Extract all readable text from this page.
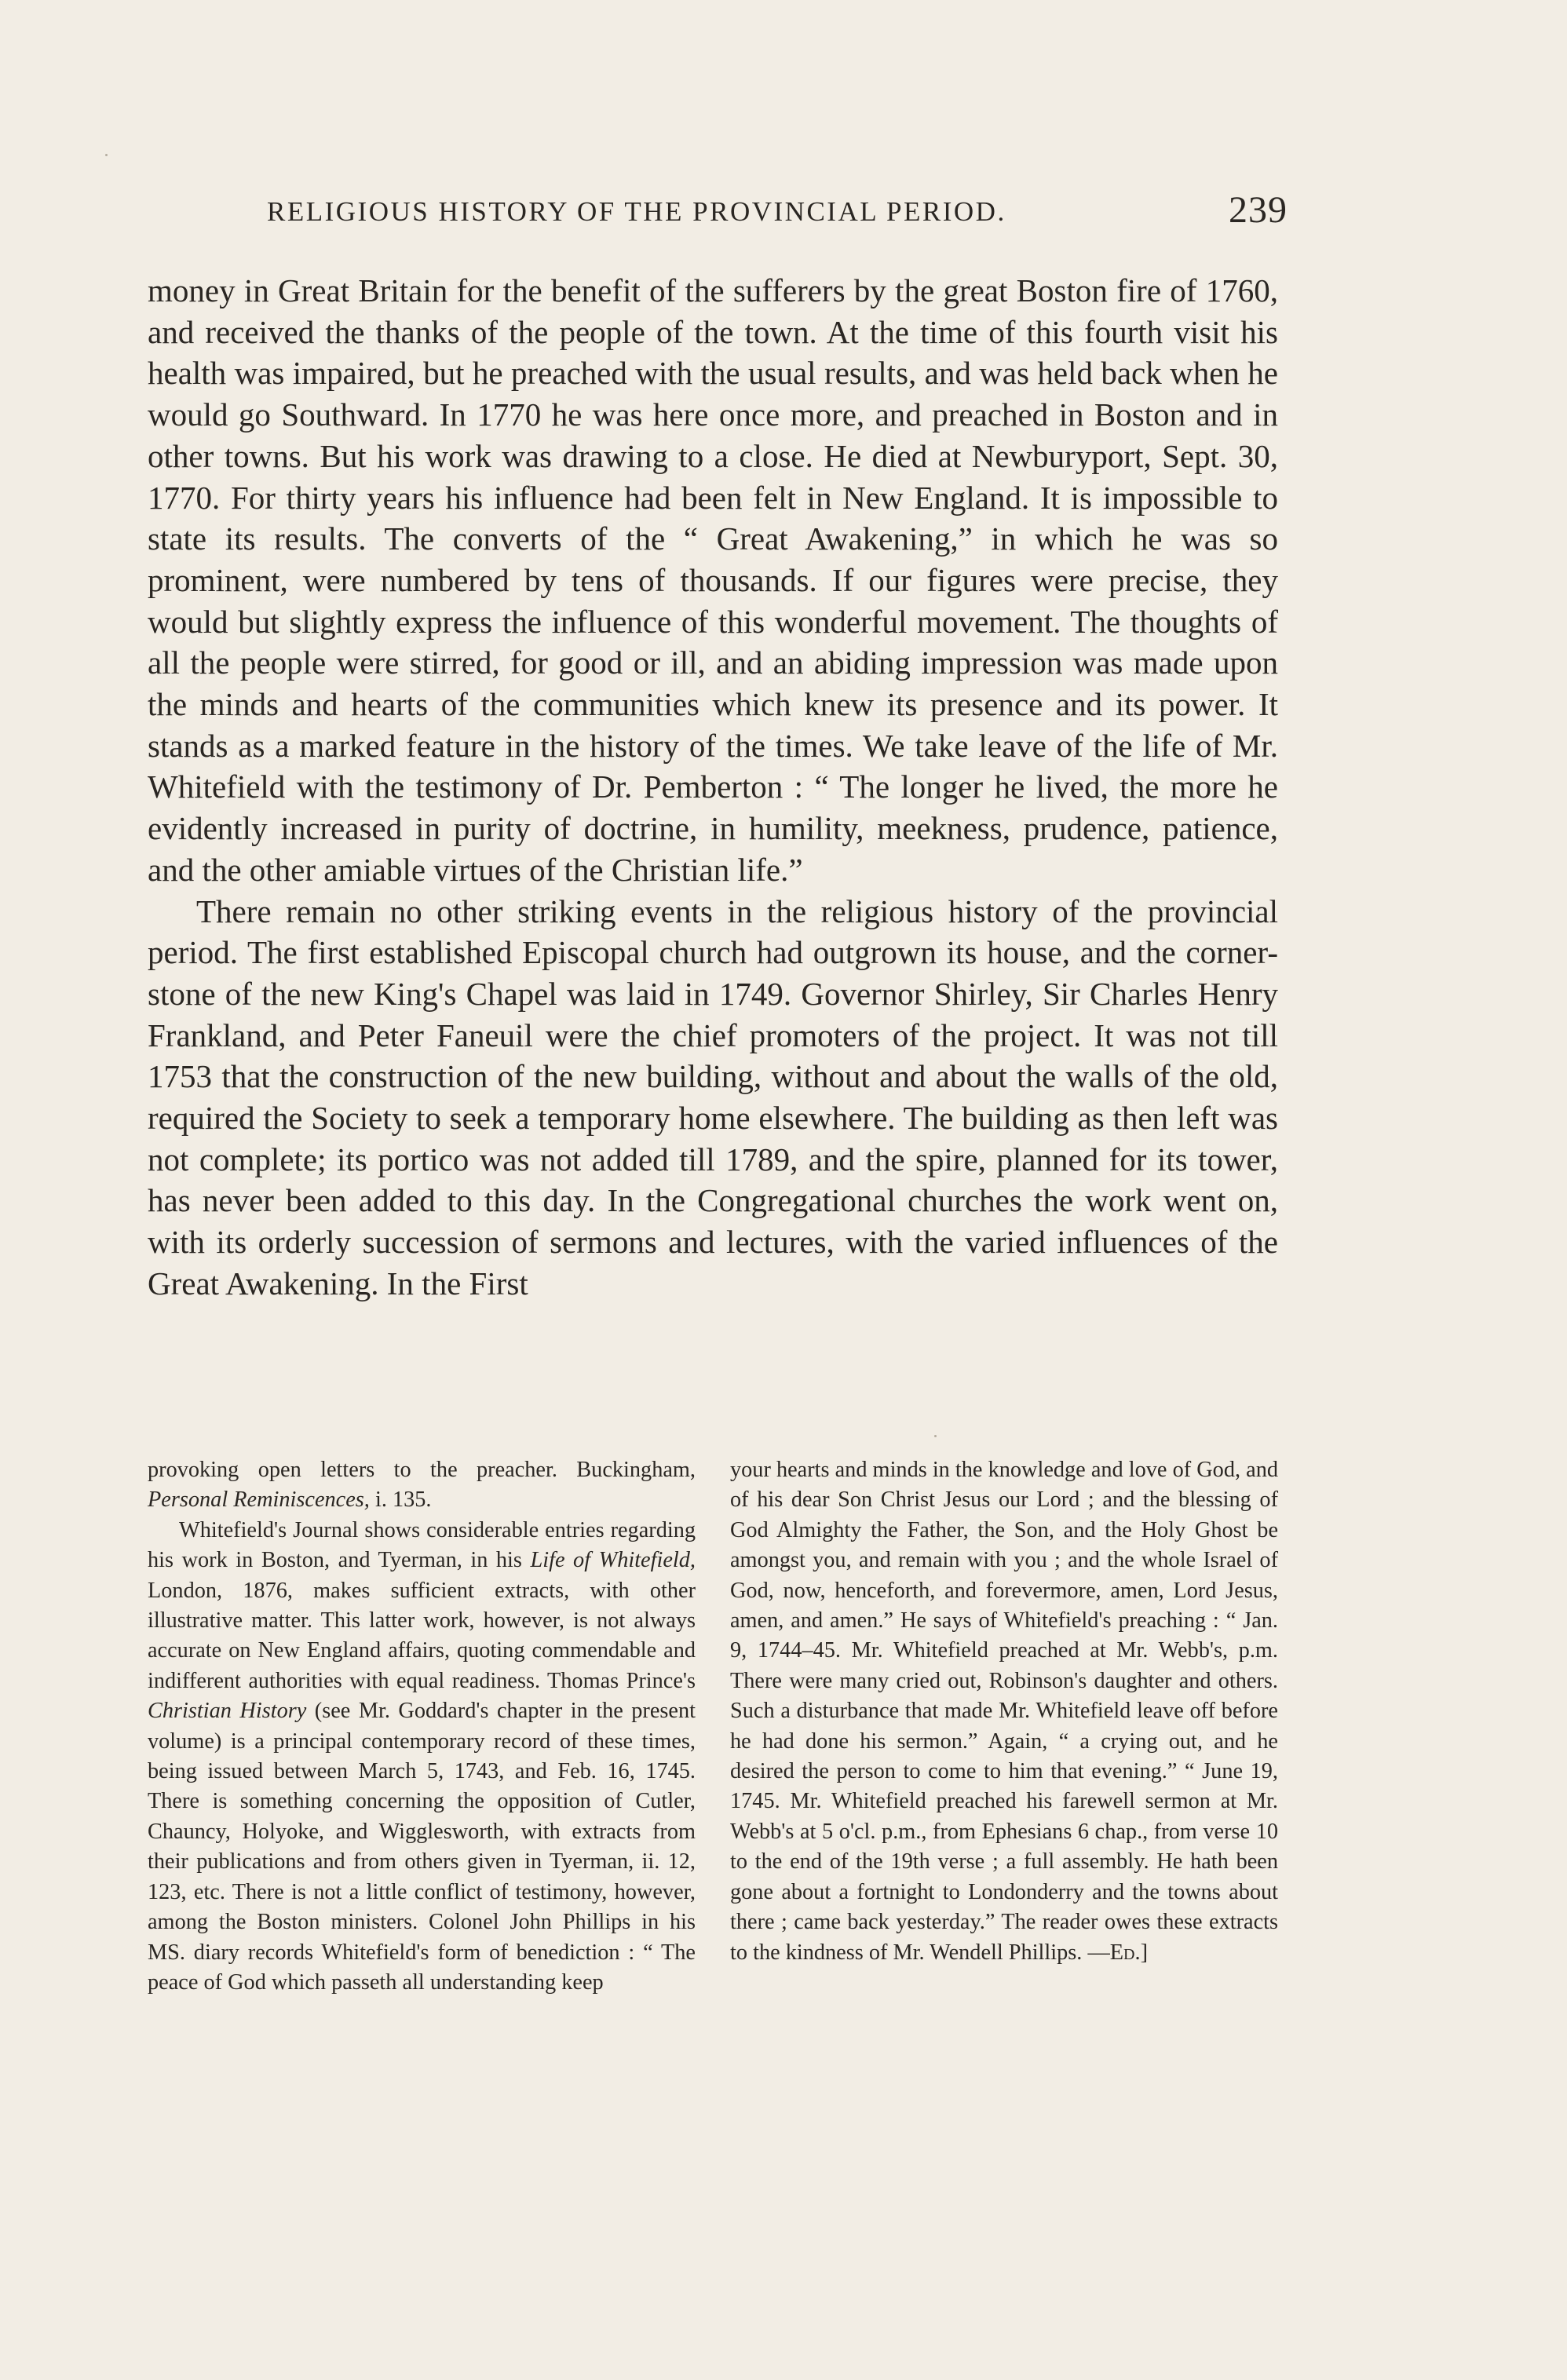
RELIGIOUS HISTORY OF THE PROVINCIAL PERIOD.	239

money in Great Britain for the benefit of the sufferers by the great Boston fire of 1760, and received the thanks of the people of the town. At the time of this fourth visit his health was impaired, but he preached with the usual results, and was held back when he would go Southward. In 1770 he was here once more, and preached in Boston and in other towns. But his work was drawing to a close. He died at Newburyport, Sept. 30, 1770. For thirty years his influence had been felt in New England. It is impossible to state its results. The converts of the “ Great Awakening,” in which he was so prominent, were numbered by tens of thousands. If our figures were precise, they would but slightly express the influence of this wonderful movement. The thoughts of all the people were stirred, for good or ill, and an abiding impression was made upon the minds and hearts of the communities which knew its presence and its power. It stands as a marked feature in the history of the times. We take leave of the life of Mr. Whitefield with the testimony of Dr. Pemberton : “ The longer he lived, the more he evidently increased in purity of doctrine, in humility, meekness, prudence, patience, and the other amiable virtues of the Christian life.”

There remain no other striking events in the religious history of the provincial period. The first established Episcopal church had outgrown its house, and the corner-stone of the new King's Chapel was laid in 1749. Governor Shirley, Sir Charles Henry Frankland, and Peter Faneuil were the chief promoters of the project. It was not till 1753 that the construction of the new building, without and about the walls of the old, required the Society to seek a temporary home elsewhere. The building as then left was not complete; its portico was not added till 1789, and the spire, planned for its tower, has never been added to this day. In the Congregational churches the work went on, with its orderly succession of sermons and lectures, with the varied influences of the Great Awakening. In the First

provoking open letters to the preacher. Buckingham, Personal Reminiscences, i. 135.

Whitefield's Journal shows considerable entries regarding his work in Boston, and Tyerman, in his Life of Whitefield, London, 1876, makes sufficient extracts, with other illustrative matter. This latter work, however, is not always accurate on New England affairs, quoting commendable and indifferent authorities with equal readiness. Thomas Prince's Christian History (see Mr. Goddard's chapter in the present volume) is a principal contemporary record of these times, being issued between March 5, 1743, and Feb. 16, 1745. There is something concerning the opposition of Cutler, Chauncy, Holyoke, and Wigglesworth, with extracts from their publications and from others given in Tyerman, ii. 12, 123, etc. There is not a little conflict of testimony, however, among the Boston ministers. Colonel John Phillips in his MS. diary records Whitefield's form of benediction : “ The peace of God which passeth all understanding keep

your hearts and minds in the knowledge and love of God, and of his dear Son Christ Jesus our Lord ; and the blessing of God Almighty the Father, the Son, and the Holy Ghost be amongst you, and remain with you ; and the whole Israel of God, now, henceforth, and forevermore, amen, Lord Jesus, amen, and amen.” He says of Whitefield's preaching : “ Jan. 9, 1744–45. Mr. Whitefield preached at Mr. Webb's, p.m. There were many cried out, Robinson's daughter and others. Such a disturbance that made Mr. Whitefield leave off before he had done his sermon.” Again, “ a crying out, and he desired the person to come to him that evening.” “ June 19, 1745. Mr. Whitefield preached his farewell sermon at Mr. Webb's at 5 o'cl. p.m., from Ephesians 6 chap., from verse 10 to the end of the 19th verse ; a full assembly. He hath been gone about a fortnight to Londonderry and the towns about there ; came back yesterday.” The reader owes these extracts to the kindness of Mr. Wendell Phillips. —Ed.]
